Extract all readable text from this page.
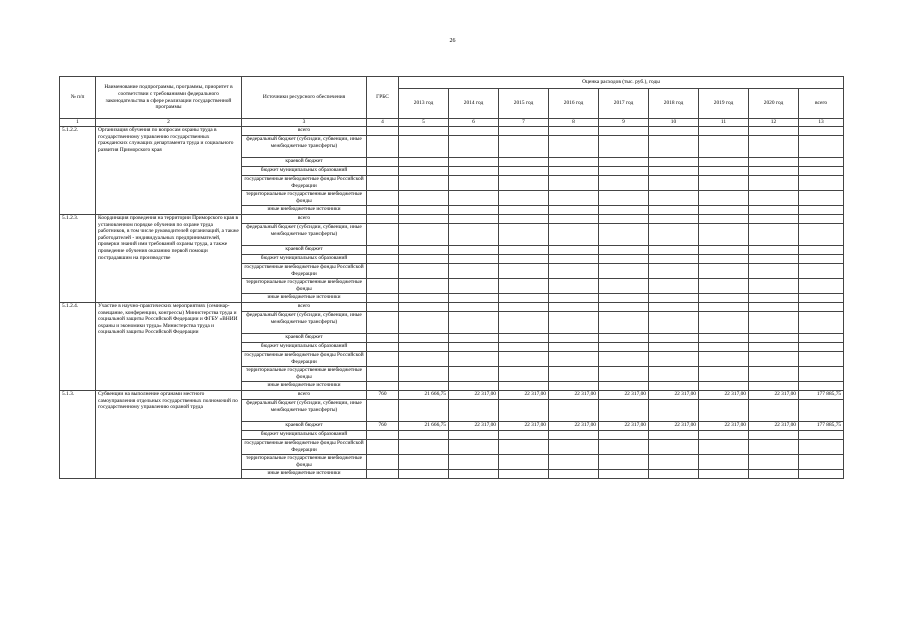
26
№ п/п	Наименование подпрограммы, программы, приоритет в соответствии с требованиями федерального законодательства в сфере реализации государственной программы	Источники ресурсного обеспечения	ГРБС	Оценка расходов (тыс. руб.), годы								
				2013 год	2014 год	2015 год	2016 год	2017 год	2018 год	2019 год	2020 год	всего
1	2	3	4	5	6	7	8	9	10	11	12	13
5.1.2.2.	Организация обучения по вопросам охраны труда в государственному управлению государственных гражданских служащих департамента труда и социального развития Приморского края	всего										
		федеральный бюджет (субсидии, субвенции, иные межбюджетные трансферты)										
		краевой бюджет										
		бюджет муниципальных образований										
		государственные внебюджетные фонды Российской Федерации										
		территориальные государственные внебюджетные фонды										
		иные внебюджетные источники										
5.1.2.3.	Координация проведения на территории Приморского края в установленном порядке обучения по охране труда работников, в том числе руководителей организаций, а также работодателей - индивидуальных предпринимателей, проверки знаний ими требований охраны труда, а также проведение обучения оказанию первой помощи пострадавшим на производстве	всего										
		федеральный бюджет (субсидии, субвенции, иные межбюджетные трансферты)										
		краевой бюджет										
		бюджет муниципальных образований										
		государственные внебюджетные фонды Российской Федерации										
		территориальные государственные внебюджетные фонды										
		иные внебюджетные источники										
5.1.2.4.	Участие в научно-практических мероприятиях (семинар-совещание, конференции, конгрессы) Министерства труда и социальной защиты Российской Федерации и ФГБУ «ВНИИ охраны и экономики труда» Министерства труда и социальной защиты Российской Федерации	всего										
		федеральный бюджет (субсидии, субвенции, иные межбюджетные трансферты)										
		краевой бюджет										
		бюджет муниципальных образований										
		государственные внебюджетные фонды Российской Федерации										
		территориальные государственные внебюджетные фонды										
		иные внебюджетные источники										
5.1.3.	Субвенции на выполнение органами местного самоуправления отдельных государственных полномочий по государственному управлению охраной труда	всего	760	21 666,75	22 317,00	22 317,00	22 317,00	22 317,00	22 317,00	22 317,00	22 317,00	177 885,75
		федеральный бюджет (субсидии, субвенции, иные межбюджетные трансферты)										
		краевой бюджет	760	21 666,75	22 317,00	22 317,00	22 317,00	22 317,00	22 317,00	22 317,00	22 317,00	177 885,75
		бюджет муниципальных образований										
		государственные внебюджетные фонды Российской Федерации										
		территориальные государственные внебюджетные фонды										
		иные внебюджетные источники										
